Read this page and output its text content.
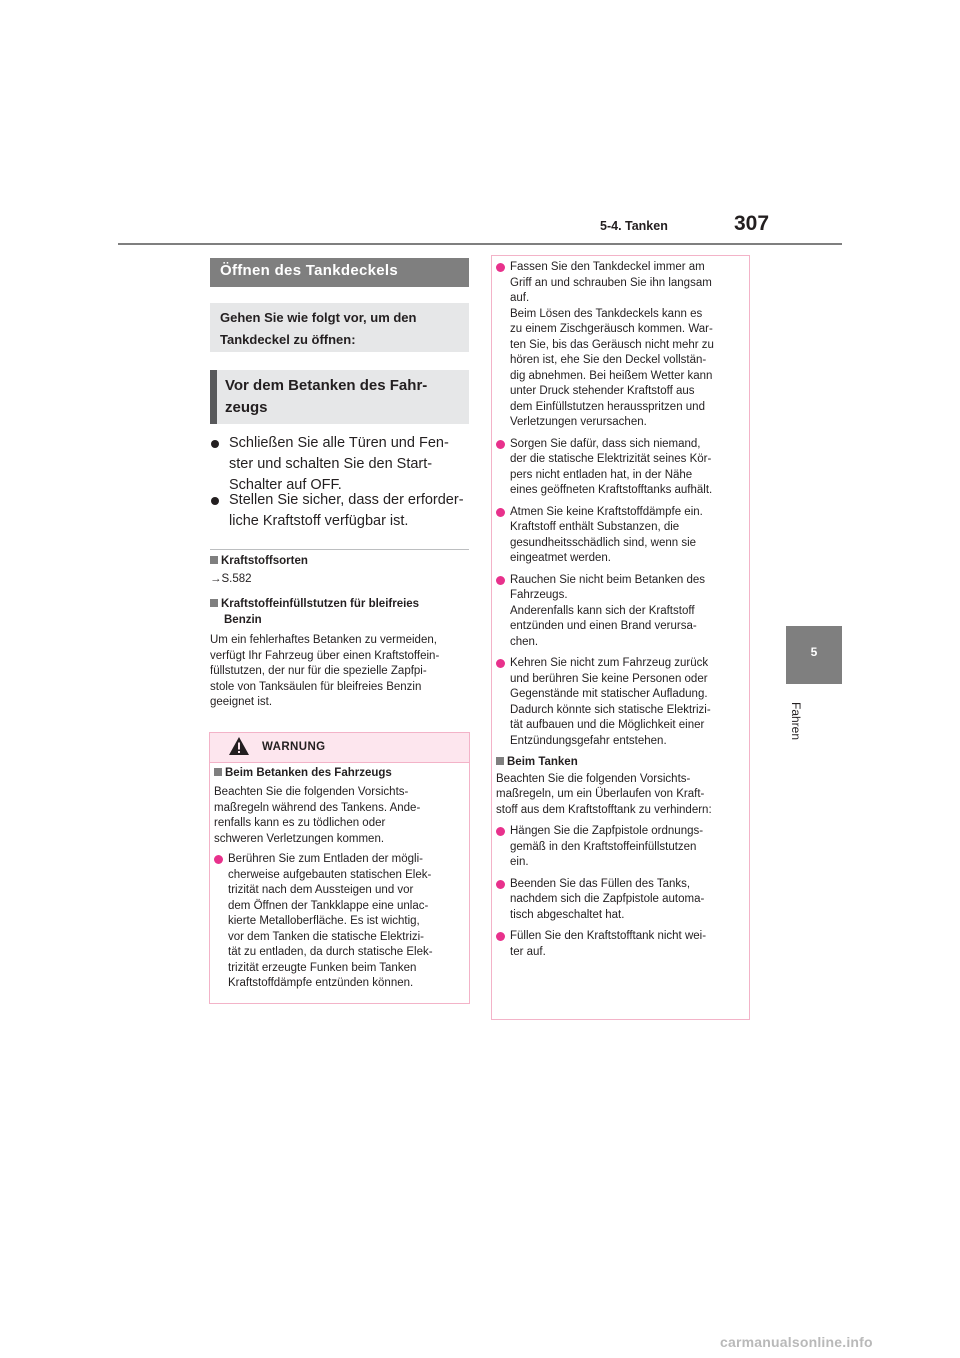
5-4. Tanken	307
5
Fahren
Öffnen des Tankdeckels
Gehen Sie wie folgt vor, um den Tankdeckel zu öffnen:
Vor dem Betanken des Fahr-
zeugs
Schließen Sie alle Türen und Fen-
ster und schalten Sie den Start-
Schalter auf OFF.
Stellen Sie sicher, dass der erforder-
liche Kraftstoff verfügbar ist.
Kraftstoffsorten
→S.582
Kraftstoffeinfüllstutzen für bleifreies
Benzin
Um ein fehlerhaftes Betanken zu vermeiden,
verfügt Ihr Fahrzeug über einen Kraftstoffein-
füllstutzen, der nur für die spezielle Zapfpi-
stole von Tanksäulen für bleifreies Benzin
geeignet ist.
WARNUNG
Beim Betanken des Fahrzeugs
Beachten Sie die folgenden Vorsichts-
maßregeln während des Tankens. Ande-
renfalls kann es zu tödlichen oder
schweren Verletzungen kommen.
Berühren Sie zum Entladen der mögli-
cherweise aufgebauten statischen Elek-
trizität nach dem Aussteigen und vor
dem Öffnen der Tankklappe eine unlac-
kierte Metalloberfläche. Es ist wichtig,
vor dem Tanken die statische Elektrizi-
tät zu entladen, da durch statische Elek-
trizität erzeugte Funken beim Tanken
Kraftstoffdämpfe entzünden können.
Fassen Sie den Tankdeckel immer am
Griff an und schrauben Sie ihn langsam
auf.
Beim Lösen des Tankdeckels kann es
zu einem Zischgeräusch kommen. War-
ten Sie, bis das Geräusch nicht mehr zu
hören ist, ehe Sie den Deckel vollstän-
dig abnehmen. Bei heißem Wetter kann
unter Druck stehender Kraftstoff aus
dem Einfüllstutzen herausspritzen und
Verletzungen verursachen.
Sorgen Sie dafür, dass sich niemand,
der die statische Elektrizität seines Kör-
pers nicht entladen hat, in der Nähe
eines geöffneten Kraftstofftanks aufhält.
Atmen Sie keine Kraftstoffdämpfe ein.
Kraftstoff enthält Substanzen, die
gesundheitsschädlich sind, wenn sie
eingeatmet werden.
Rauchen Sie nicht beim Betanken des
Fahrzeugs.
Anderenfalls kann sich der Kraftstoff
entzünden und einen Brand verursa-
chen.
Kehren Sie nicht zum Fahrzeug zurück
und berühren Sie keine Personen oder
Gegenstände mit statischer Aufladung.
Dadurch könnte sich statische Elektrizi-
tät aufbauen und die Möglichkeit einer
Entzündungsgefahr entstehen.
Beim Tanken
Beachten Sie die folgenden Vorsichts-
maßregeln, um ein Überlaufen von Kraft-
stoff aus dem Kraftstofftank zu verhindern:
Hängen Sie die Zapfpistole ordnungs-
gemäß in den Kraftstoffeinfüllstutzen
ein.
Beenden Sie das Füllen des Tanks,
nachdem sich die Zapfpistole automa-
tisch abgeschaltet hat.
Füllen Sie den Kraftstofftank nicht wei-
ter auf.
carmanualsonline.info
